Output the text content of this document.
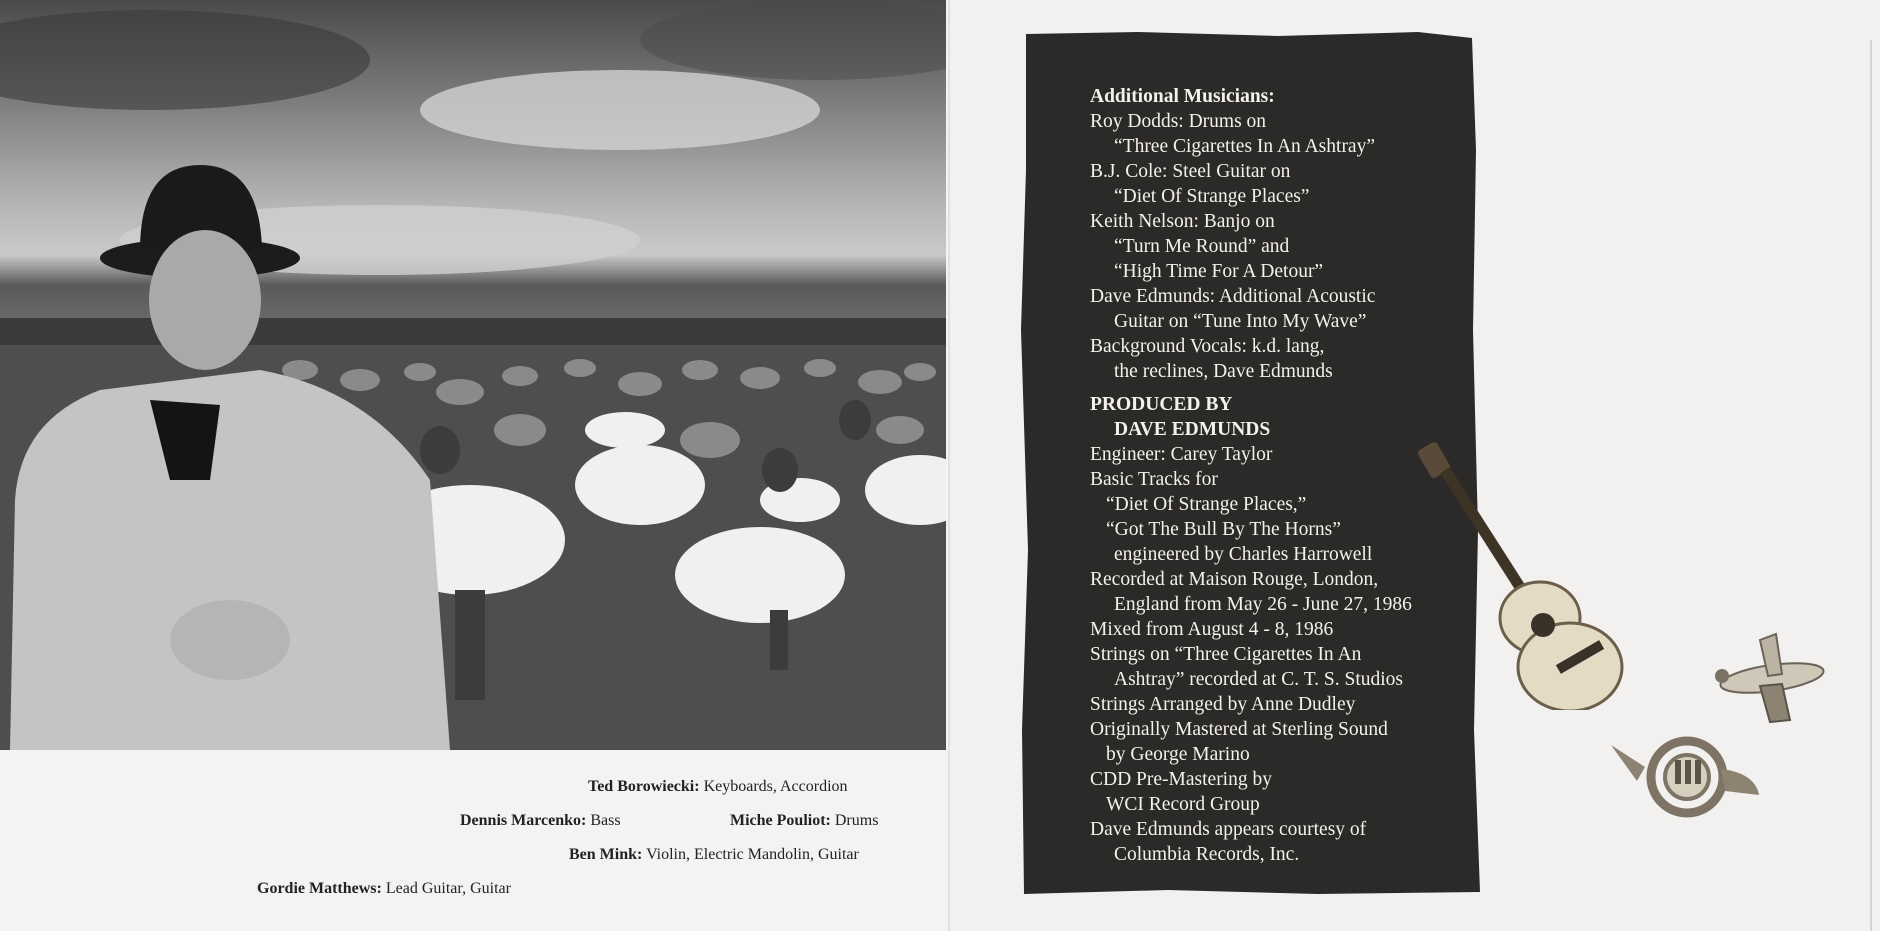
Ted Borowiecki: Keyboards, Accordion
Dennis Marcenko: Bass	Miche Pouliot: Drums
Ben Mink: Violin, Electric Mandolin, Guitar
Gordie Matthews: Lead Guitar, Guitar
Additional Musicians:
Roy Dodds: Drums on
“Three Cigarettes In An Ashtray”
B.J. Cole: Steel Guitar on
“Diet Of Strange Places”
Keith Nelson: Banjo on
“Turn Me Round” and
“High Time For A Detour”
Dave Edmunds: Additional Acoustic
Guitar on “Tune Into My Wave”
Background Vocals: k.d. lang,
the reclines, Dave Edmunds
PRODUCED BY
DAVE EDMUNDS
Engineer: Carey Taylor
Basic Tracks for
“Diet Of Strange Places,”
“Got The Bull By The Horns”
engineered by Charles Harrowell
Recorded at Maison Rouge, London,
England from May 26 - June 27, 1986
Mixed from August 4 - 8, 1986
Strings on “Three Cigarettes In An
Ashtray” recorded at C. T. S. Studios
Strings Arranged by Anne Dudley
Originally Mastered at Sterling Sound
by George Marino
CDD Pre-Mastering by
WCI Record Group
Dave Edmunds appears courtesy of
Columbia Records, Inc.
